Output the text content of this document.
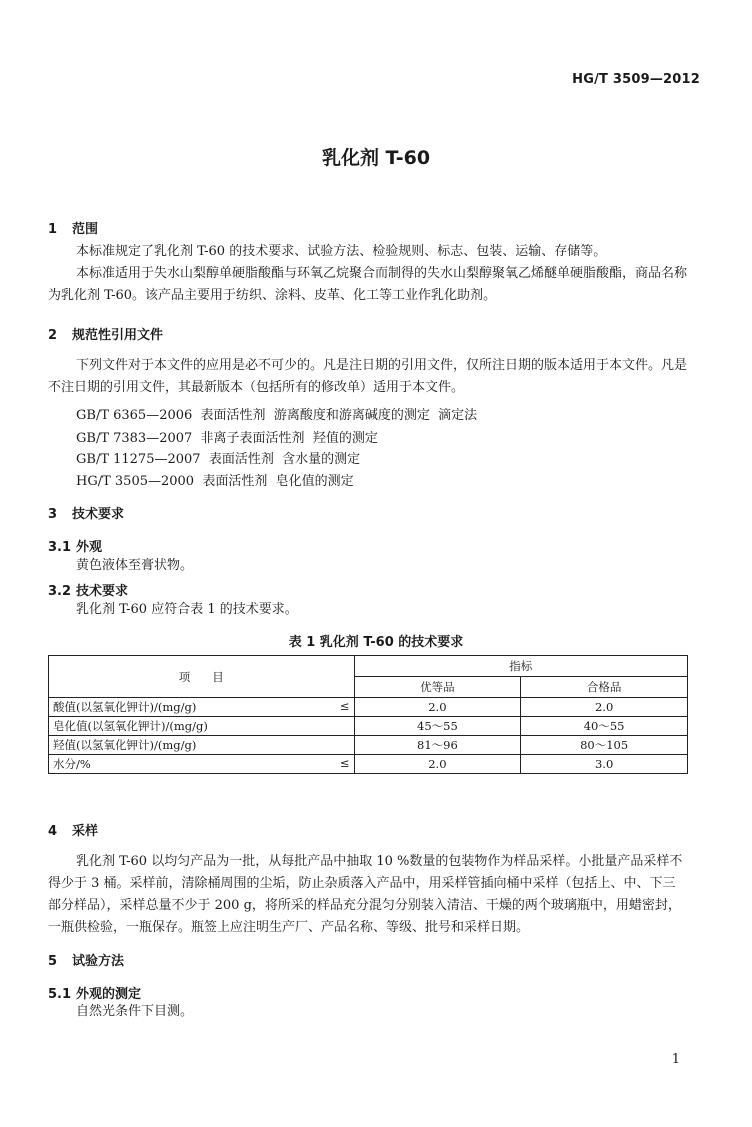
HG/T 3509—2012
乳化剂 T-60
1 范围
本标准规定了乳化剂 T-60 的技术要求、试验方法、检验规则、标志、包装、运输、存储等。
本标准适用于失水山梨醇单硬脂酸酯与环氧乙烷聚合而制得的失水山梨醇聚氧乙烯醚单硬脂酸酯，商品名称为乳化剂 T-60。该产品主要用于纺织、涂料、皮革、化工等工业作乳化助剂。
2 规范性引用文件
下列文件对于本文件的应用是必不可少的。凡是注日期的引用文件，仅所注日期的版本适用于本文件。凡是不注日期的引用文件，其最新版本（包括所有的修改单）适用于本文件。
GB/T 6365—2006  表面活性剂  游离酸度和游离碱度的测定  滴定法
GB/T 7383—2007  非离子表面活性剂  羟值的测定
GB/T 11275—2007  表面活性剂  含水量的测定
HG/T 3505—2000  表面活性剂  皂化值的测定
3 技术要求
3.1 外观
黄色液体至膏状物。
3.2 技术要求
乳化剂 T-60 应符合表 1 的技术要求。
表 1 乳化剂 T-60 的技术要求
项      目	指标	
	优等品	合格品
酸值(以氢氧化钾计)/(mg/g) ≤	2.0	2.0
皂化值(以氢氧化钾计)/(mg/g)	45～55	40～55
羟值(以氢氧化钾计)/(mg/g)	81～96	80～105
水分/% ≤	2.0	3.0
4 采样
乳化剂 T-60 以均匀产品为一批，从每批产品中抽取 10 %数量的包装物作为样品采样。小批量产品采样不得少于 3 桶。采样前，清除桶周围的尘垢，防止杂质落入产品中，用采样管插向桶中采样（包括上、中、下三部分样品），采样总量不少于 200 g，将所采的样品充分混匀分别装入清洁、干燥的两个玻璃瓶中，用蜡密封，一瓶供检验，一瓶保存。瓶签上应注明生产厂、产品名称、等级、批号和采样日期。
5 试验方法
5.1 外观的测定
自然光条件下目测。
1
